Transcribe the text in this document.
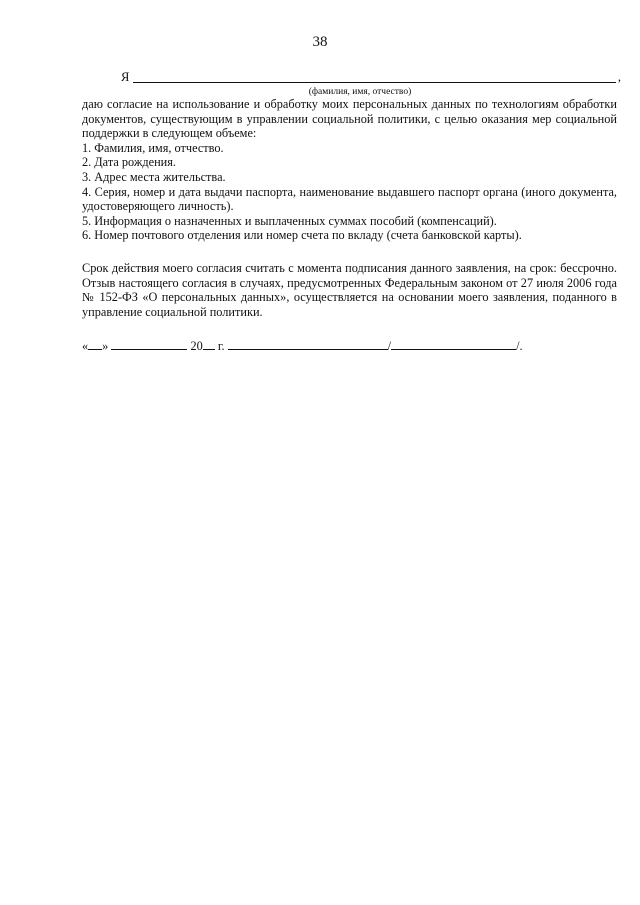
38
Я	,
(фамилия, имя, отчество)

даю согласие на использование и обработку моих персональных данных по технологиям обработки документов, существующим в управлении социальной политики, с целью оказания мер социальной поддержки в следующем объеме:

1. Фамилия, имя, отчество.

2. Дата рождения.

3. Адрес места жительства.

4. Серия, номер и дата выдачи паспорта, наименование выдавшего паспорт органа (иного документа, удостоверяющего личность).

5. Информация о назначенных и выплаченных суммах пособий (компенсаций).

6. Номер почтового отделения или номер счета по вкладу (счета банковской карты).

Срок действия моего согласия считать с момента подписания данного заявления, на срок: бессрочно. Отзыв настоящего согласия в случаях, предусмотренных Федеральным законом от 27 июля 2006 года № 152-ФЗ «О персональных данных», осуществляется на основании моего заявления, поданного в управление социальной политики.

« »	20 г.	/	/.
